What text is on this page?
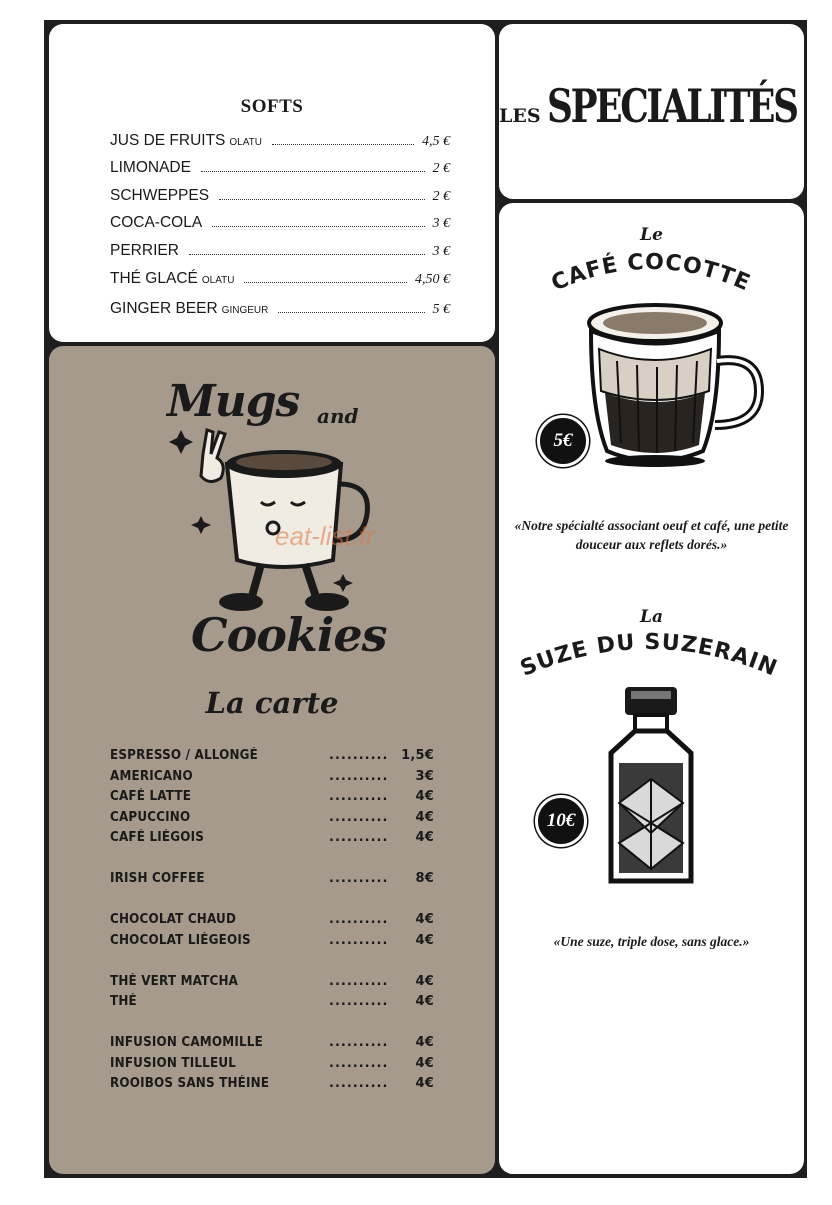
SOFTS
JUS DE FRUITS OLATU	4,5 €
LIMONADE	2 €
SCHWEPPES	2 €
COCA-COLA	3 €
PERRIER	3 €
THÉ GLACÉ OLATU	4,50 €
GINGER BEER GINGEUR	5 €
LES SPECIALITÉS
Le
CAFÉ COCOTTE
5€
«Notre spécialté associant oeuf et café, une petite douceur aux reflets dorés.»
La
SUZE DU SUZERAIN
10€
«Une suze, triple dose, sans glace.»
Mugs and
eat-list.fr
Cookies
La carte
ESPRESSO / ALLONGÉ	.......... 1,5€
AMERICANO	.......... 3€
CAFÉ LATTE	.......... 4€
CAPUCCINO	.......... 4€
CAFÉ LIÉGOIS	.......... 4€
IRISH COFFEE	.......... 8€
CHOCOLAT CHAUD	.......... 4€
CHOCOLAT LIÉGEOIS	.......... 4€
THÉ VERT MATCHA	.......... 4€
THÉ	.......... 4€
INFUSION CAMOMILLE	.......... 4€
INFUSION TILLEUL	.......... 4€
ROOIBOS SANS THÉINE	.......... 4€
